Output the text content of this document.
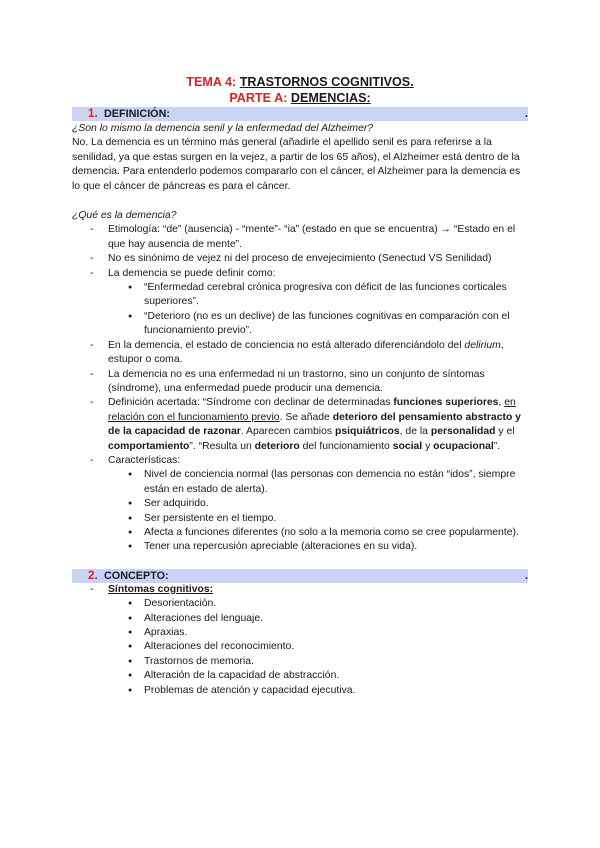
TEMA 4: TRASTORNOS COGNITIVOS.
PARTE A: DEMENCIAS:
1. DEFINICIÓN:	.
¿Son lo mismo la demencia senil y la enfermedad del Alzheimer?

No. La demencia es un término más general (añadirle el apellido senil es para referirse a la senilidad, ya que estas surgen en la vejez, a partir de los 65 años), el Alzheimer está dentro de la demencia. Para entenderlo podemos compararlo con el cáncer, el Alzheimer para la demencia es lo que el cáncer de páncreas es para el cáncer.

¿Qué es la demencia?
- Etimología: “de” (ausencia) - “mente”- “ia” (estado en que se encuentra) → “Estado en el que hay ausencia de mente”.
- No es sinónimo de vejez ni del proceso de envejecimiento (Senectud VS Senilidad)
- La demencia se puede definir como:
● “Enfermedad cerebral crónica progresiva con déficit de las funciones corticales superiores”.
● “Deterioro (no es un declive) de las funciones cognitivas en comparación con el funcionamiento previo”.
- En la demencia, el estado de conciencia no está alterado diferenciándolo del delirium, estupor o coma.
- La demencia no es una enfermedad ni un trastorno, sino un conjunto de síntomas (síndrome), una enfermedad puede producir una demencia.
- Definición acertada: “Síndrome con declinar de determinadas funciones superiores, en relación con el funcionamiento previo. Se añade deterioro del pensamiento abstracto y de la capacidad de razonar. Aparecen cambios psiquiátricos, de la personalidad y el comportamiento”. “Resulta un deterioro del funcionamiento social y ocupacional”.
- Características:
● Nivel de conciencia normal (las personas con demencia no están “idos”, siempre están en estado de alerta).
● Ser adquirido.
● Ser persistente en el tiempo.
● Afecta a funciones diferentes (no solo a la memoria como se cree popularmente).
● Tener una repercusión apreciable (alteraciones en su vida).
2. CONCEPTO:	.
- Síntomas cognitivos:
● Desorientación.
● Alteraciones del lenguaje.
● Apraxias.
● Alteraciones del reconocimiento.
● Trastornos de memoria.
● Alteración de la capacidad de abstracción.
● Problemas de atención y capacidad ejecutiva.
